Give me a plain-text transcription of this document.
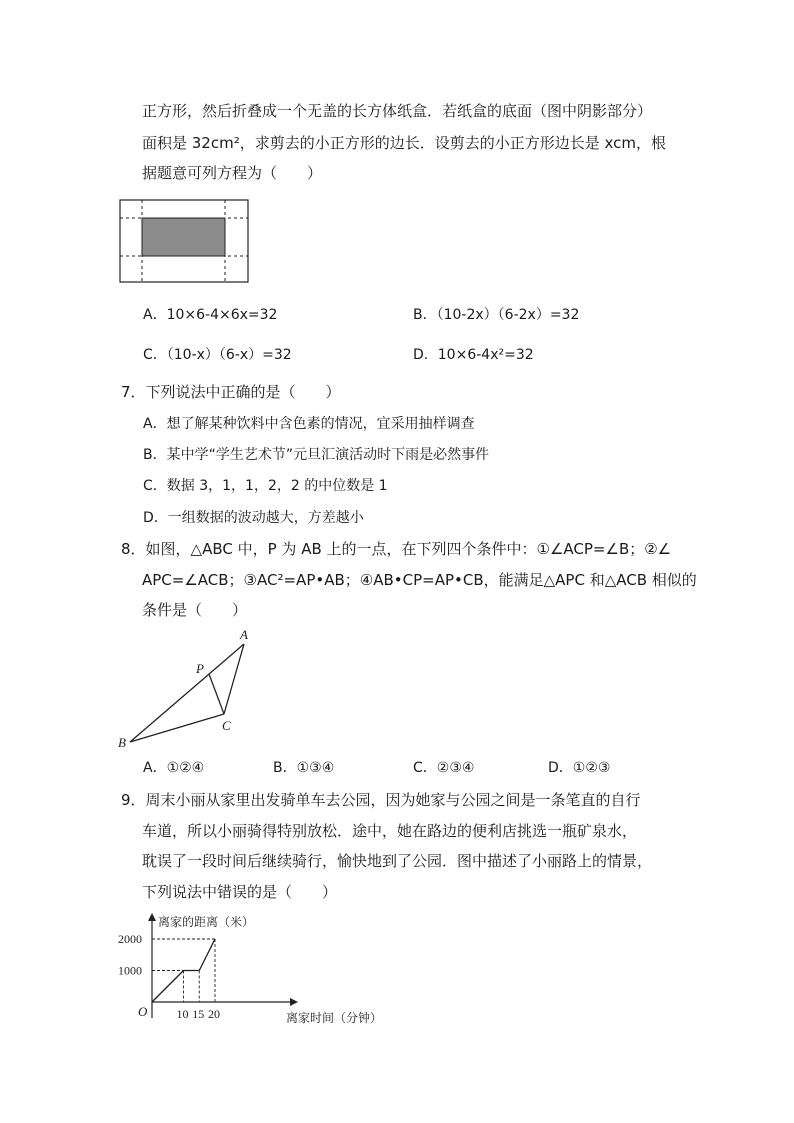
正方形，然后折叠成一个无盖的长方体纸盒．若纸盒的底面（图中阴影部分）
面积是 32cm²，求剪去的小正方形的边长．设剪去的小正方形边长是 xcm，根
据题意可列方程为（　　）
A．10×6-4×6x=32	B．（10-2x）（6-2x）=32
C．（10-x）（6-x）=32	D．10×6-4x²=32
7．下列说法中正确的是（　　）
A．想了解某种饮料中含色素的情况，宜采用抽样调查
B．某中学“学生艺术节”元旦汇演活动时下雨是必然事件
C．数据 3，1，1，2，2 的中位数是 1
D．一组数据的波动越大，方差越小
8．如图，△ABC 中，P 为 AB 上的一点，在下列四个条件中：①∠ACP=∠B；②∠
APC=∠ACB；③AC²=AP•AB；④AB•CP=AP•CB，能满足△APC 和△ACB 相似的
条件是（　　）
A
P
C
B
A．①②④	B．①③④	C．②③④	D．①②③
9．周末小丽从家里出发骑单车去公园，因为她家与公园之间是一条笔直的自行
车道，所以小丽骑得特别放松．途中，她在路边的便利店挑选一瓶矿泉水，
耽误了一段时间后继续骑行，愉快地到了公园．图中描述了小丽路上的情景，
下列说法中错误的是（　　）
离家的距离（米）
离家时间（分钟）
O 10 15 20
1000
2000
